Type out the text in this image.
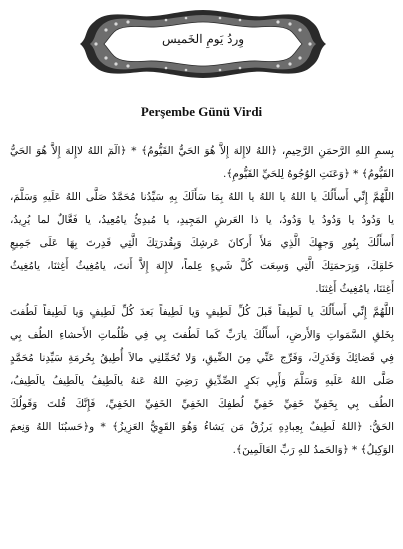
وِردُ يَومِ الخَميس
Perşembe Günü Virdi
بِسمِ اللهِ الرَّحمَنِ الرَّحِيمِ، ﴿اللهُ لاإِلهَ إِلاَّ هُوَ الحَيُّ القَيُّومُ﴾ * ﴿الٓمٓ اللهُ لاإِلهَ إِلاَّ هُوَ الحَيُّ
القَيُّومُ﴾ * ﴿وَعَنَتِ الوُجُوهُ لِلحَيِّ القَيُّومِ﴾.
اللَّهُمَّ إِنِّي أَسأَلُكَ يا اللهُ يا اللهُ يا اللهُ بِمَا سَأَلَكَ بِهِ سَيِّدُنا مُحَمَّدٌ صَلَّى اللهُ عَلَيهِ وَسَلَّمَ،
يا وَدُودُ يا وَدُودُ يا وَدُودُ، يا ذا العَرشِ المَجِيدِ، يا مُبدِئُ يامُعِيدُ، يا فَعَّالٌ لما يُرِيدُ،
أَسأَلُكَ بِنُورِ وَجهِكَ الَّذِي مَلأَ أَركانَ عَرشِكَ وَبِقُدرَتِكَ الَّتِي قَدِرتَ بِهَا عَلَى جَمِيعِ
خَلقِكَ، وَبِرَحمَتِكَ الَّتِي وَسِعَت كُلَّ شَيءٍ عِلماً، لاإِلهَ إِلاَّ أَنتَ، يامُغِيثُ أَغِثنَا، يامُغِيثُ
أَغِثنَا، يامُغِيثُ أَغِثنَا.
اللَّهُمَّ إِنِّي أَسأَلُكَ يا لَطِيفاً قَبلَ كُلِّ لَطِيفٍ وَيا لَطِيفاً بَعدَ كُلِّ لَطِيفٍ وَيا لَطِيفاً لَطُفتَ
بِخَلقِ السَّمَواتِ وَالأَرضِ، أَسأَلُكَ يارَبِّ كَما لَطُفتَ بِي فِي ظُلُماتِ الأَحشاءِ الطُف بِي
فِي قَضائِكَ وَقَدَرِكَ، وَفَرِّج عَنِّي مِنَ الضِّيقِ، وَلا تُحَمِّلنِي مالاَ أُطِيقُ بِحُرمَةِ سَيِّدِنا مُحَمَّدٍ
صَلَّى اللهُ عَلَيهِ وَسَلَّمَ وَأَبِي بَكرٍ الصِّدِّيقِ رَضِيَ اللهُ عَنهُ يالَطِيفُ يالَطِيفُ يالَطِيفُ،
الطُف بِي بِخَفِيِّ خَفِيِّ خَفِيِّ لُطفِكَ الخَفِيِّ الخَفِيِّ الخَفِيِّ، فَإِنَّكَ قُلتَ وَقَولُكَ
الحَقُّ: ﴿اللهُ لَطِيفٌ بِعِبادِهِ يَرزُقُ مَن يَشاءُ وَهُوَ القَوِيُّ العَزِيزُ﴾ * و﴿حَسبُنَا اللهُ وَنِعمَ
الوَكِيلُ﴾ * ﴿وَالحَمدُ للهِ رَبِّ العَالَمِينَ﴾.
